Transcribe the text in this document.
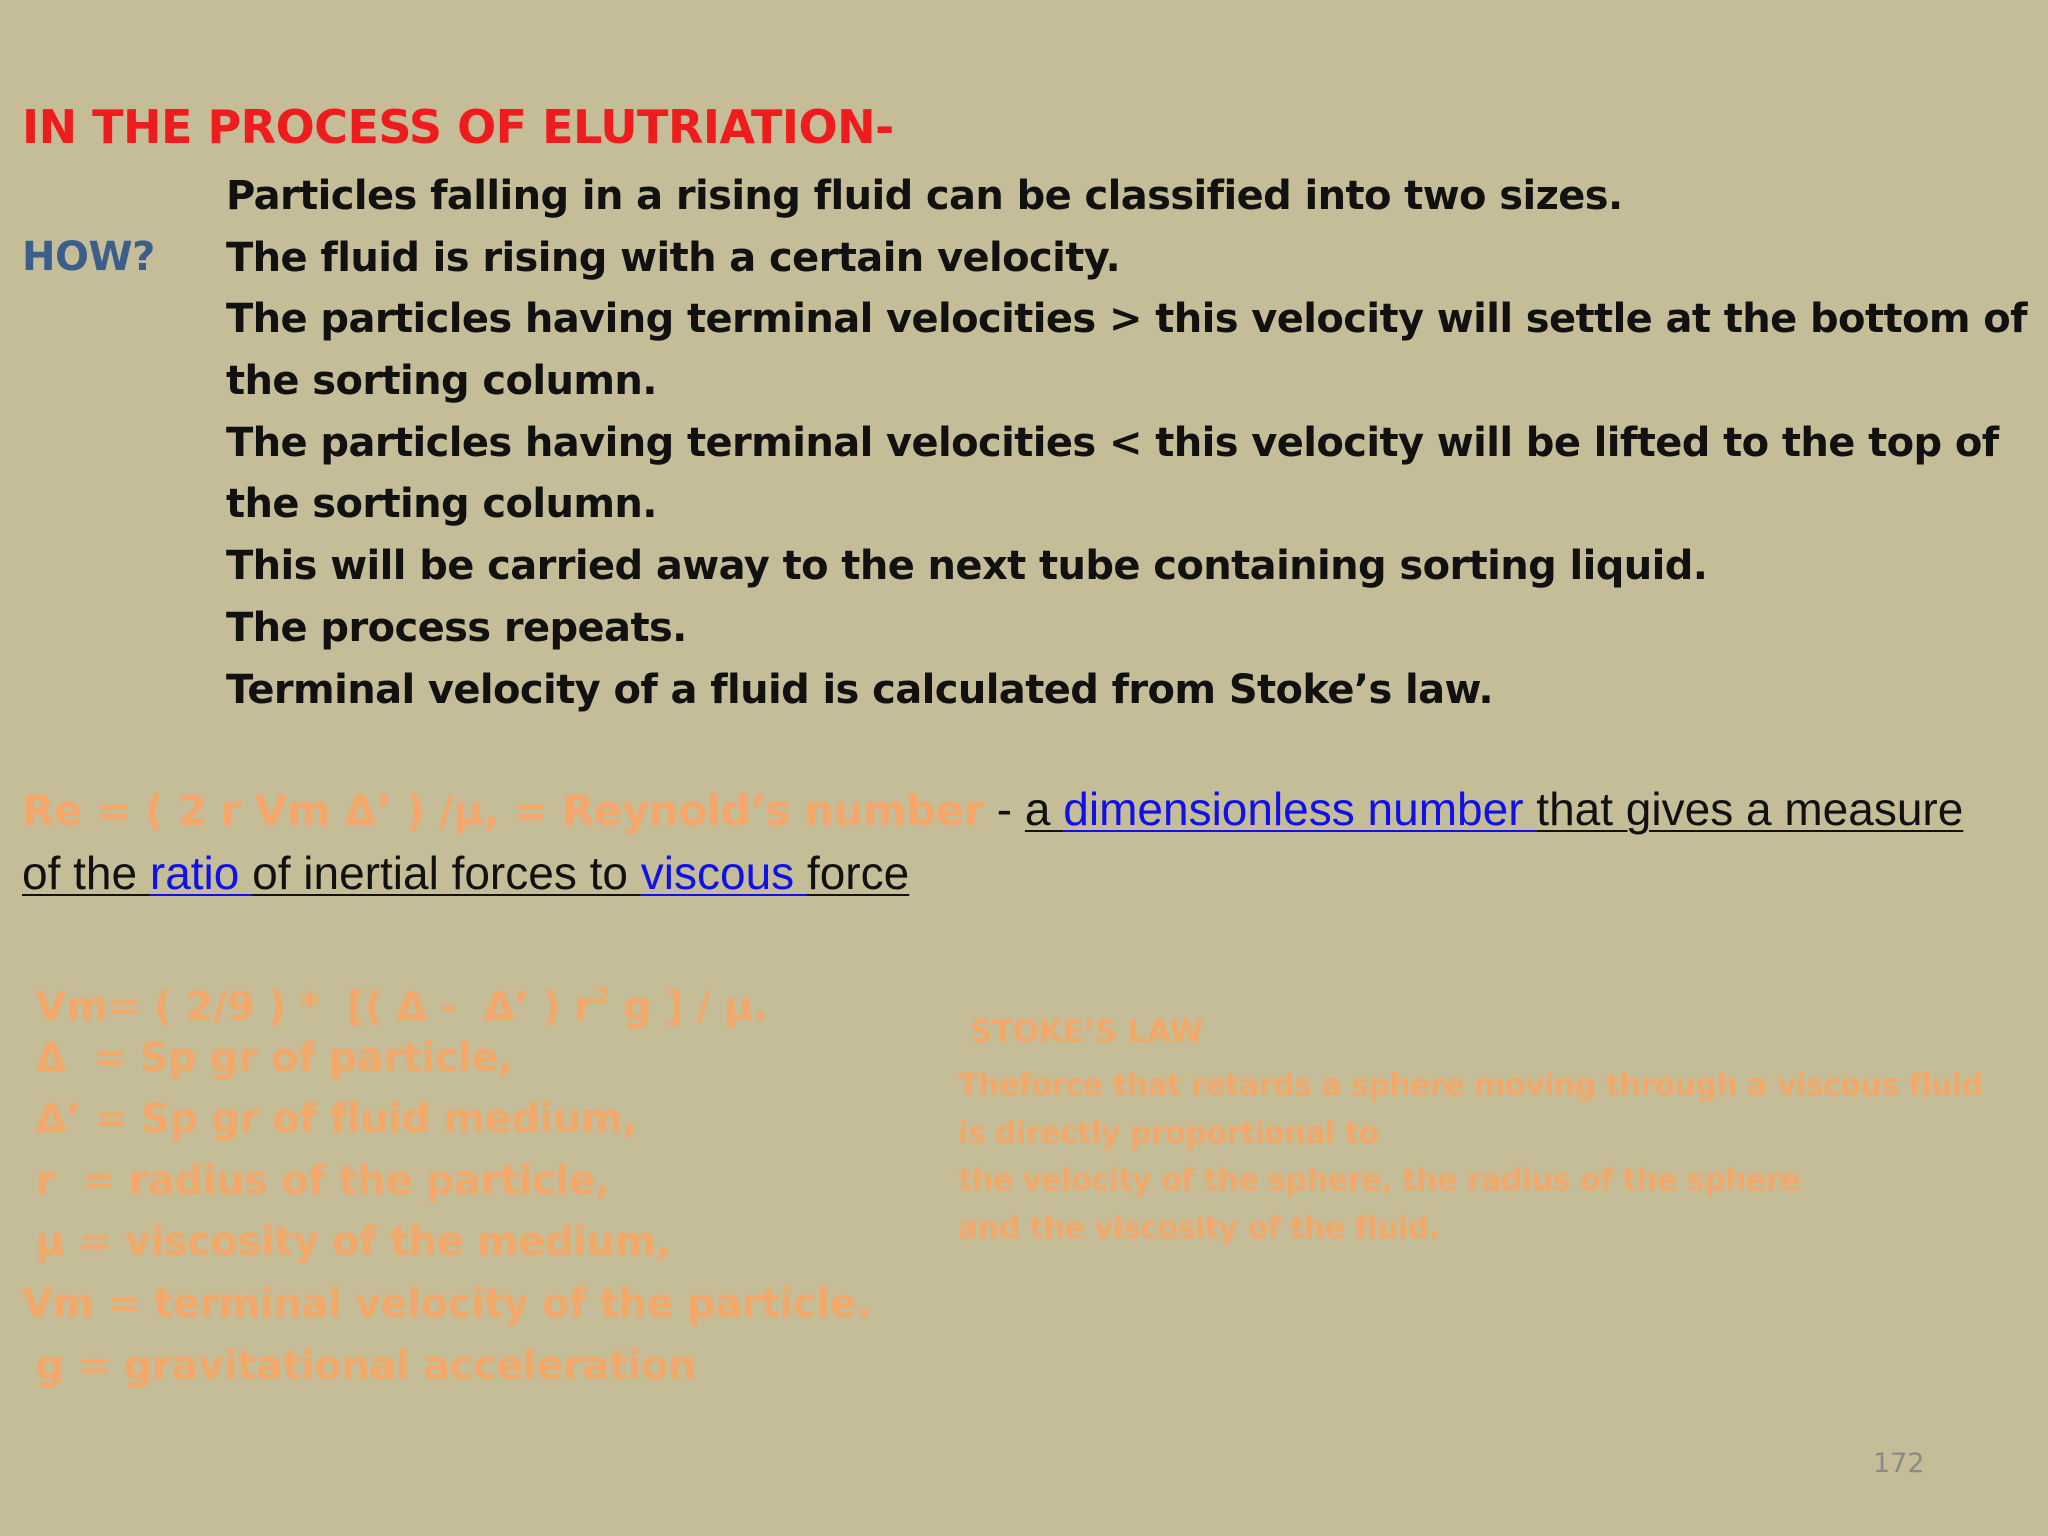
IN THE PROCESS OF ELUTRIATION-
HOW?
Particles falling in a rising fluid can be classified into two sizes.
The fluid is rising with a certain velocity.
The particles having terminal velocities > this velocity will settle at the bottom of
the sorting column.
The particles having terminal velocities < this velocity will be lifted to the top of
the sorting column.
This will be carried away to the next tube containing sorting liquid.
The process repeats.
Terminal velocity of a fluid is calculated from Stoke’s law.
Re = ( 2 r Vm Δ’ ) /μ, = Reynold’s number - a dimensionless number that gives a measure
of the ratio of inertial forces to viscous force
Vm= ( 2/9 ) *  [( Δ -  Δ’ ) $r^2$ g ] / μ.
Δ  = Sp gr of particle,
Δ’ = Sp gr of fluid medium,
r  = radius of the particle,
μ = viscosity of the medium,
Vm = terminal velocity of the particle.
g = gravitational acceleration
STOKE’S LAW
Theforce that retards a sphere moving through a viscous fluid
is directly proportional to
the velocity of the sphere, the radius of the sphere
and the viscosity of the fluid.
172
